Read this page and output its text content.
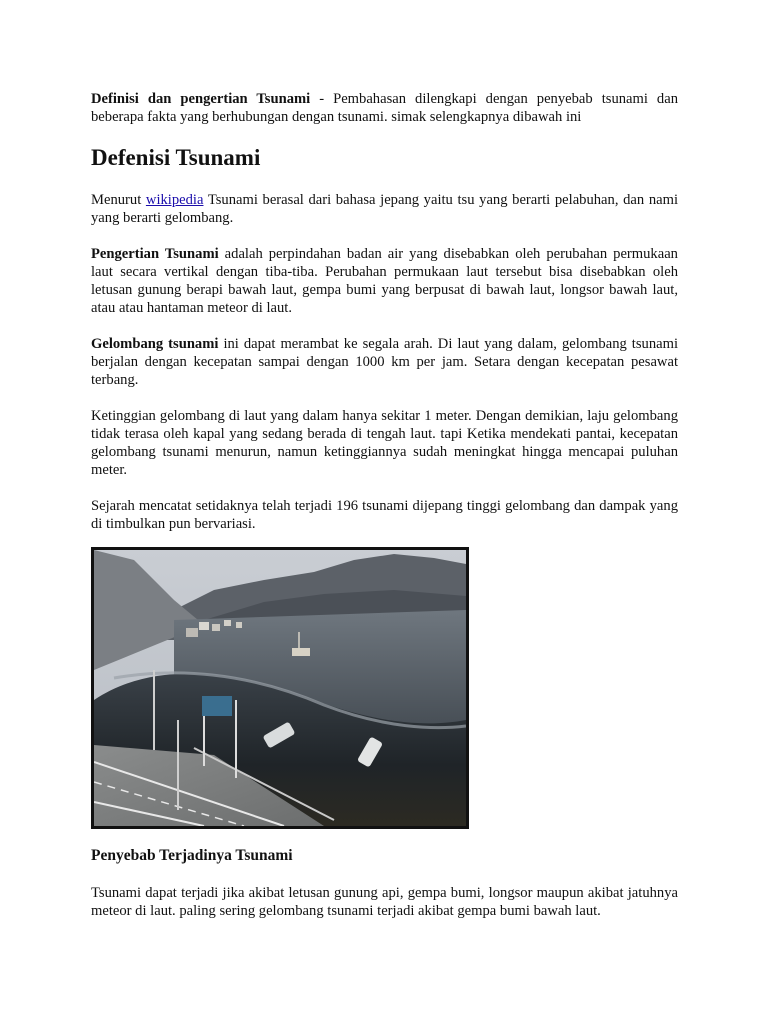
Definisi dan pengertian Tsunami - Pembahasan dilengkapi dengan penyebab tsunami dan beberapa fakta yang berhubungan dengan tsunami. simak selengkapnya dibawah ini

Defenisi Tsunami

Menurut wikipedia Tsunami berasal dari bahasa jepang yaitu tsu yang berarti pelabuhan, dan nami yang berarti gelombang.

Pengertian Tsunami adalah perpindahan badan air yang disebabkan oleh perubahan permukaan laut secara vertikal dengan tiba-tiba. Perubahan permukaan laut tersebut bisa disebabkan oleh letusan gunung berapi bawah laut, gempa bumi yang berpusat di bawah laut, longsor bawah laut, atau atau hantaman meteor di laut.

Gelombang tsunami ini dapat merambat ke segala arah. Di laut yang dalam, gelombang tsunami berjalan dengan kecepatan sampai dengan 1000 km per jam. Setara dengan kecepatan pesawat terbang.

Ketinggian gelombang di laut yang dalam hanya sekitar 1 meter. Dengan demikian, laju gelombang tidak terasa oleh kapal yang sedang berada di tengah laut. tapi Ketika mendekati pantai, kecepatan gelombang tsunami menurun, namun ketinggiannya sudah meningkat hingga mencapai puluhan meter.

Sejarah mencatat setidaknya telah terjadi 196 tsunami dijepang tinggi gelombang dan dampak yang di timbulkan pun bervariasi.

Penyebab Terjadinya Tsunami

Tsunami dapat terjadi jika akibat letusan gunung api, gempa bumi, longsor maupun akibat jatuhnya meteor di laut. paling sering gelombang tsunami terjadi akibat gempa bumi bawah laut.
